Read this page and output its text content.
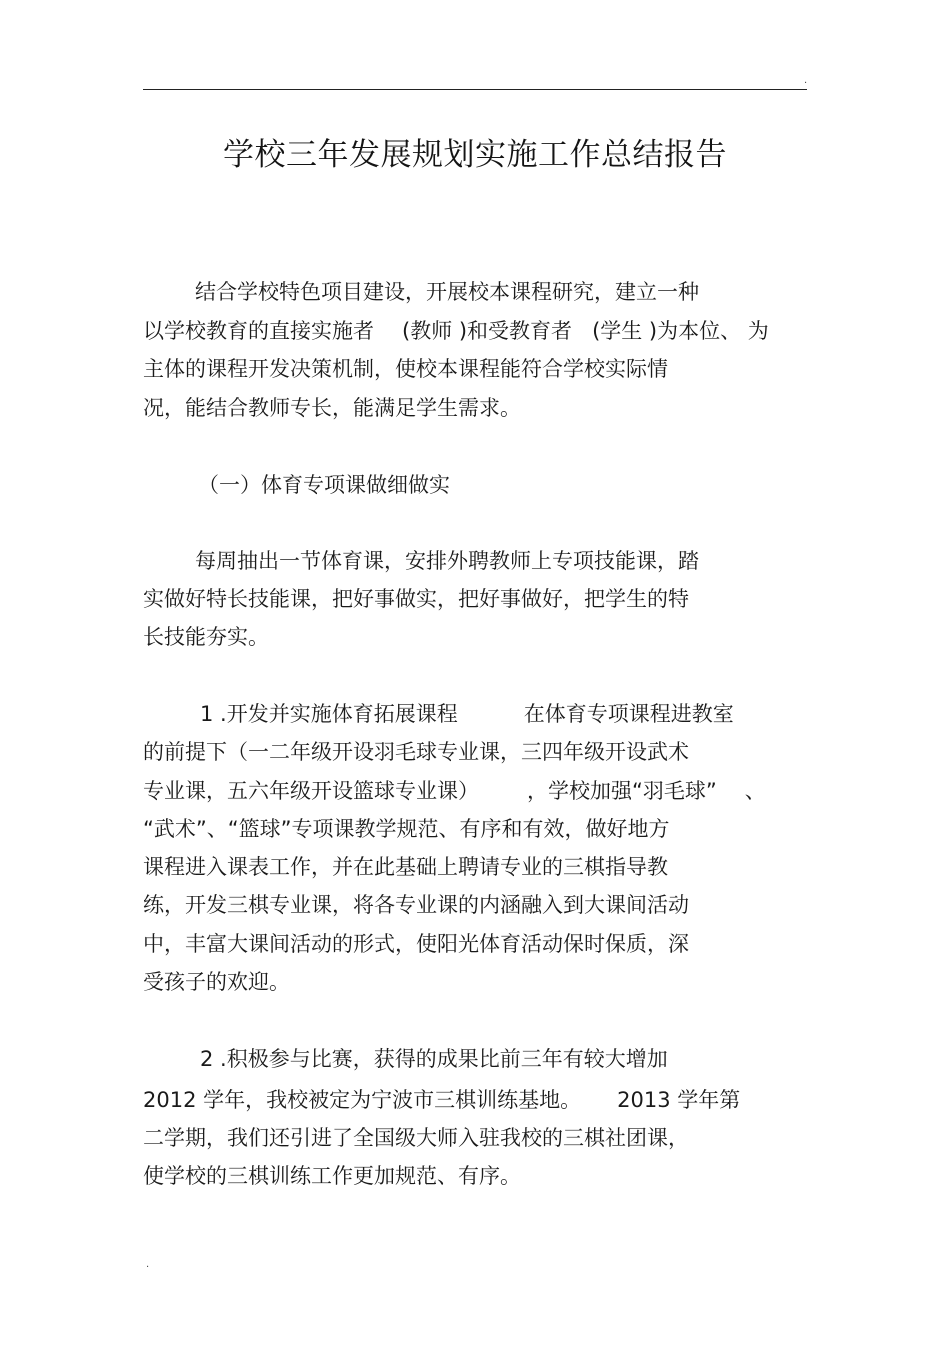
.
学校三年发展规划实施工作总结报告
结合学校特色项目建设，开展校本课程研究，建立一种
以学校教育的直接实施者 (教师 )和受教育者 (学生 )为本位、 为
主体的课程开发决策机制，使校本课程能符合学校实际情
况，能结合教师专长，能满足学生需求。
（一）体育专项课做细做实
每周抽出一节体育课，安排外聘教师上专项技能课，踏
实做好特长技能课，把好事做实，把好事做好，把学生的特
长技能夯实。
1 .开发并实施体育拓展课程	在体育专项课程进教室
的前提下（一二年级开设羽毛球专业课，三四年级开设武术
专业课，五六年级开设篮球专业课） ，学校加强“羽毛球” 、
“武术”、“篮球”专项课教学规范、有序和有效，做好地方
课程进入课表工作，并在此基础上聘请专业的三棋指导教
练，开发三棋专业课，将各专业课的内涵融入到大课间活动
中，丰富大课间活动的形式，使阳光体育活动保时保质，深
受孩子的欢迎。
2 .积极参与比赛，获得的成果比前三年有较大增加
2012 学年，我校被定为宁波市三棋训练基地。 2013 学年第
二学期，我们还引进了全国级大师入驻我校的三棋社团课，
使学校的三棋训练工作更加规范、有序。
.
